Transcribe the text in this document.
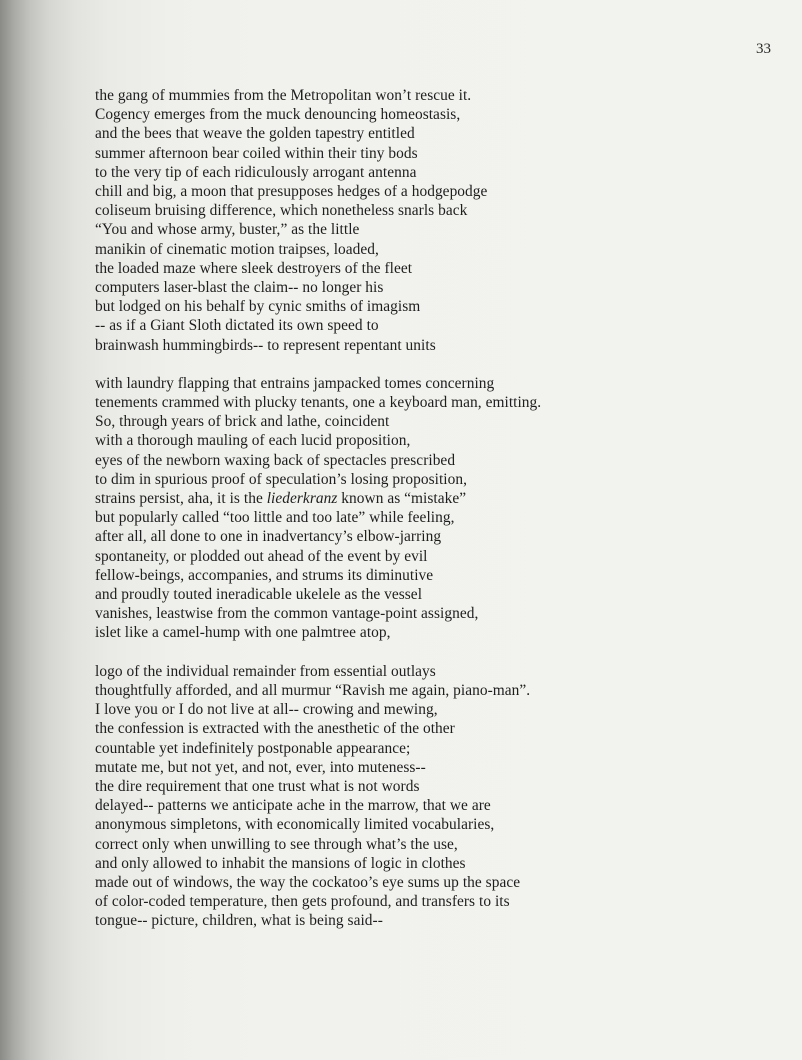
33
the gang of mummies from the Metropolitan won’t rescue it.
Cogency emerges from the muck denouncing homeostasis,
and the bees that weave the golden tapestry entitled
summer afternoon bear coiled within their tiny bods
to the very tip of each ridiculously arrogant antenna
chill and big, a moon that presupposes hedges of a hodgepodge
coliseum bruising difference, which nonetheless snarls back
“You and whose army, buster,” as the little
manikin of cinematic motion traipses, loaded,
the loaded maze where sleek destroyers of the fleet
computers laser-blast the claim-- no longer his
but lodged on his behalf by cynic smiths of imagism
-- as if a Giant Sloth dictated its own speed to
brainwash hummingbirds-- to represent repentant units
with laundry flapping that entrains jampacked tomes concerning
tenements crammed with plucky tenants, one a keyboard man, emitting.
So, through years of brick and lathe, coincident
with a thorough mauling of each lucid proposition,
eyes of the newborn waxing back of spectacles prescribed
to dim in spurious proof of speculation’s losing proposition,
strains persist, aha, it is the liederkranz known as “mistake”
but popularly called “too little and too late” while feeling,
after all, all done to one in inadvertancy’s elbow-jarring
spontaneity, or plodded out ahead of the event by evil
fellow-beings, accompanies, and strums its diminutive
and proudly touted ineradicable ukelele as the vessel
vanishes, leastwise from the common vantage-point assigned,
islet like a camel-hump with one palmtree atop,
logo of the individual remainder from essential outlays
thoughtfully afforded, and all murmur “Ravish me again, piano-man”.
I love you or I do not live at all-- crowing and mewing,
the confession is extracted with the anesthetic of the other
countable yet indefinitely postponable appearance;
mutate me, but not yet, and not, ever, into muteness--
the dire requirement that one trust what is not words
delayed-- patterns we anticipate ache in the marrow, that we are
anonymous simpletons, with economically limited vocabularies,
correct only when unwilling to see through what’s the use,
and only allowed to inhabit the mansions of logic in clothes
made out of windows, the way the cockatoo’s eye sums up the space
of color-coded temperature, then gets profound, and transfers to its
tongue-- picture, children, what is being said--
